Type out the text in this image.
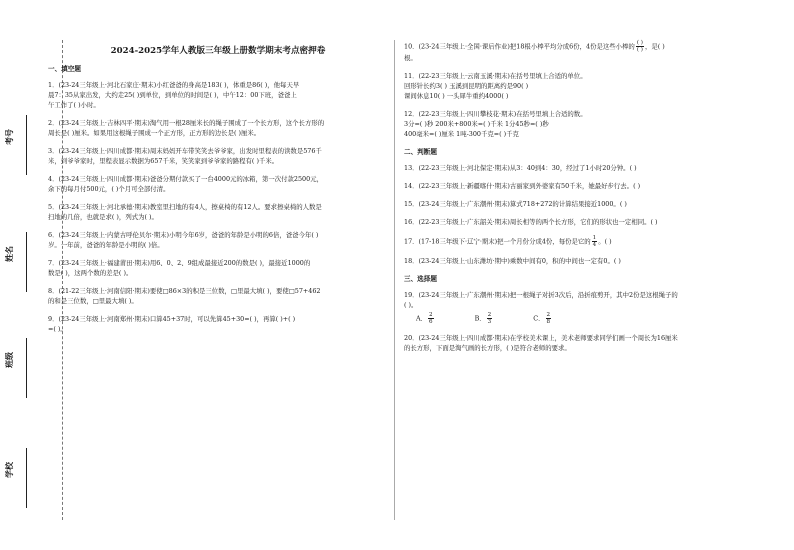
考号
姓名
班级
学校
2024-2025学年人教版三年级上册数学期末考点密押卷
一、填空题

1．(23-24三年级上·河北石家庄·期末)小红爸爸的身高是183( )，体重是86( )，他每天早

晨7：35从家出发，大约走25( )到单位，到单位的时间是( )，中午12：00下班，爸爸上

午工作了( )小时。

2．(23-24三年级上·吉林四平·期末)淘气用一根28厘米长的绳子围成了一个长方形，这个长方形的

周长是( )厘米。如果用这根绳子围成一个正方形，正方形的边长是( )厘米。

3．(23-24三年级上·四川成都·期末)周末妈妈开车带笑笑去爷爷家，出发时里程表的读数是576千

米，到爷爷家时，里程表显示数据为657千米，笑笑家到爷爷家的路程有( )千米。

4．(23-24三年级上·四川成都·期末)爸爸分期付款买了一台4000元的冰箱，第一次付款2500元，

余下的每月付500元，( )个月可全部付清。

5．(23-24三年级上·河北承德·期末)教室里扫地的有4人，擦桌椅的有12人。要求擦桌椅的人数是

扫地的几倍，也就是求( )，列式为( )。

6．(23-24三年级上·内蒙古呼伦贝尔·期末)小明今年6岁，爸爸的年龄是小明的6倍，爸爸今年( )

岁。一年前，爸爸的年龄是小明的( )倍。

7．(23-24三年级上·福建莆田·期末)用6、0、2、9组成最接近200的数是( )，最接近1000的

数是( )，这两个数的差是( )。

8．(21-22三年级上·河南信阳·期末)要使□86×3的积是三位数，□里最大填( )，要使□57+462

的和是三位数，□里最大填( )。

9．(23-24三年级上·河南郑州·期末)口算45+37时，可以先算45+30=( )，再算( )+( )

=( )。

10．(23-24三年级上·全国·课后作业)把18根小棒平均分成6份，4份是这些小棒的 $\frac{( )}{( )}$ ，是( )

根。

11．(22-23三年级上·云南玉溪·期末)在括号里填上合适的单位。

回形针长约3( ) 玉溪到昆明的距离约是90( )

课间休息10( ) 一头犀牛重约4000( )

12．(22-23三年级上·四川攀枝花·期末)在括号里填上合适的数。

3分=( )秒 200米+800米=( )千米 1分45秒=( )秒

400毫米=( )厘米 1吨-300千克=( )千克

二、判断题

13．(22-23三年级上·河北保定·期末)从3：40到4：30，经过了1小时20分钟。( )

14．(22-23三年级上·新疆喀什·期末)古丽家到外婆家有50千米，她最好步行去。( )

15．(23-24三年级上·广东潮州·期末)算式718+272的计算结果接近1000。( )

16．(22-23三年级上·广东韶关·期末)周长相等的两个长方形，它们的形状也一定相同。( )

17．(17-18三年级下·辽宁·期末)把一个月份分成4份，每份是它的 $\frac{1}{4}$ 。( )

18．(23-24三年级上·山东潍坊·期中)乘数中间有0，积的中间也一定有0。( )

三、选择题

19．(23-24三年级上·广东潮州·期末)把一根绳子对折3次后，沿折痕剪开，其中2份是这根绳子的

( )。

A． $\frac{2}{6}$	B． $\frac{2}{3}$	C． $\frac{2}{8}$

20．(23-24三年级上·四川成都·期末)在学校美术课上，美术老师要求同学们画一个周长为16厘米

的长方形，下面是淘气画的长方形，( )是符合老师的要求。
